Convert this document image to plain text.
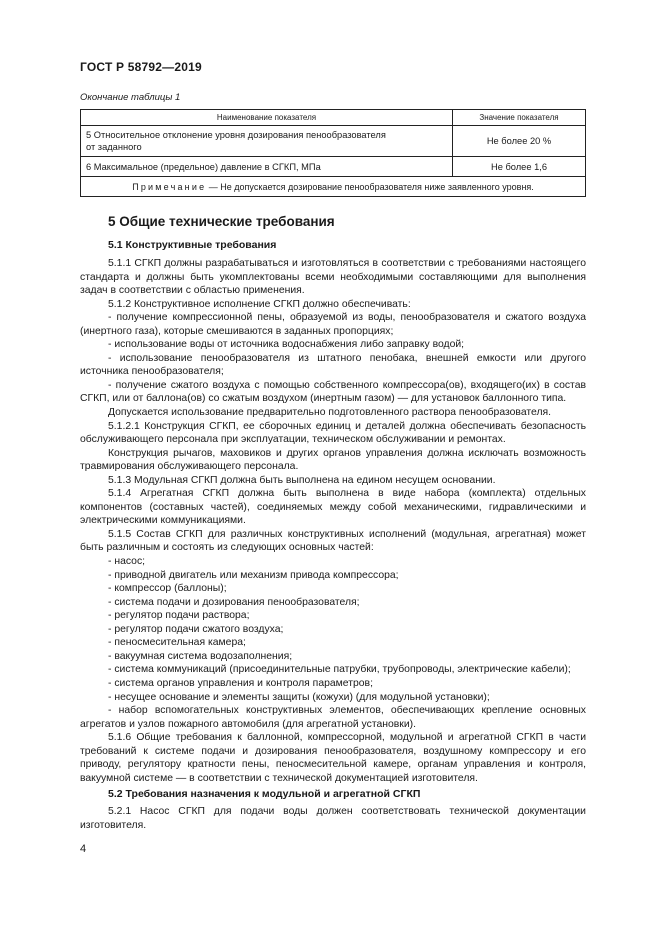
ГОСТ Р 58792—2019
Окончание таблицы 1
Наименование показателя	Значение показателя
5 Относительное отклонение уровня дозирования пенообразователя
от заданного	Не более 20 %
6 Максимальное (предельное) давление в СГКП, МПа	Не более 1,6
Примечание — Не допускается дозирование пенообразователя ниже заявленного уровня.	
5 Общие технические требования
5.1 Конструктивные требования

5.1.1 СГКП должны разрабатываться и изготовляться в соответствии с требованиями настоящего стандарта и должны быть укомплектованы всеми необходимыми составляющими для выполнения задач в соответствии с областью применения.

5.1.2 Конструктивное исполнение СГКП должно обеспечивать:

- получение компрессионной пены, образуемой из воды, пенообразователя и сжатого воздуха (инертного газа), которые смешиваются в заданных пропорциях;

- использование воды от источника водоснабжения либо заправку водой;

- использование пенообразователя из штатного пенобака, внешней емкости или другого источника пенообразователя;

- получение сжатого воздуха с помощью собственного компрессора(ов), входящего(их) в состав СГКП, или от баллона(ов) со сжатым воздухом (инертным газом) — для установок баллонного типа.

Допускается использование предварительно подготовленного раствора пенообразователя.

5.1.2.1 Конструкция СГКП, ее сборочных единиц и деталей должна обеспечивать безопасность обслуживающего персонала при эксплуатации, техническом обслуживании и ремонтах.

Конструкция рычагов, маховиков и других органов управления должна исключать возможность травмирования обслуживающего персонала.

5.1.3 Модульная СГКП должна быть выполнена на едином несущем основании.

5.1.4 Агрегатная СГКП должна быть выполнена в виде набора (комплекта) отдельных компонентов (составных частей), соединяемых между собой механическими, гидравлическими и электрическими коммуникациями.

5.1.5 Состав СГКП для различных конструктивных исполнений (модульная, агрегатная) может быть различным и состоять из следующих основных частей:

- насос;

- приводной двигатель или механизм привода компрессора;

- компрессор (баллоны);

- система подачи и дозирования пенообразователя;

- регулятор подачи раствора;

- регулятор подачи сжатого воздуха;

- пеносмесительная камера;

- вакуумная система водозаполнения;

- система коммуникаций (присоединительные патрубки, трубопроводы, электрические кабели);

- система органов управления и контроля параметров;

- несущее основание и элементы защиты (кожухи) (для модульной установки);

- набор вспомогательных конструктивных элементов, обеспечивающих крепление основных агрегатов и узлов пожарного автомобиля (для агрегатной установки).

5.1.6 Общие требования к баллонной, компрессорной, модульной и агрегатной СГКП в части требований к системе подачи и дозирования пенообразователя, воздушному компрессору и его приводу, регулятору кратности пены, пеносмесительной камере, органам управления и контроля, вакуумной системе — в соответствии с технической документацией изготовителя.

5.2 Требования назначения к модульной и агрегатной СГКП

5.2.1 Насос СГКП для подачи воды должен соответствовать технической документации изготовителя.

4
